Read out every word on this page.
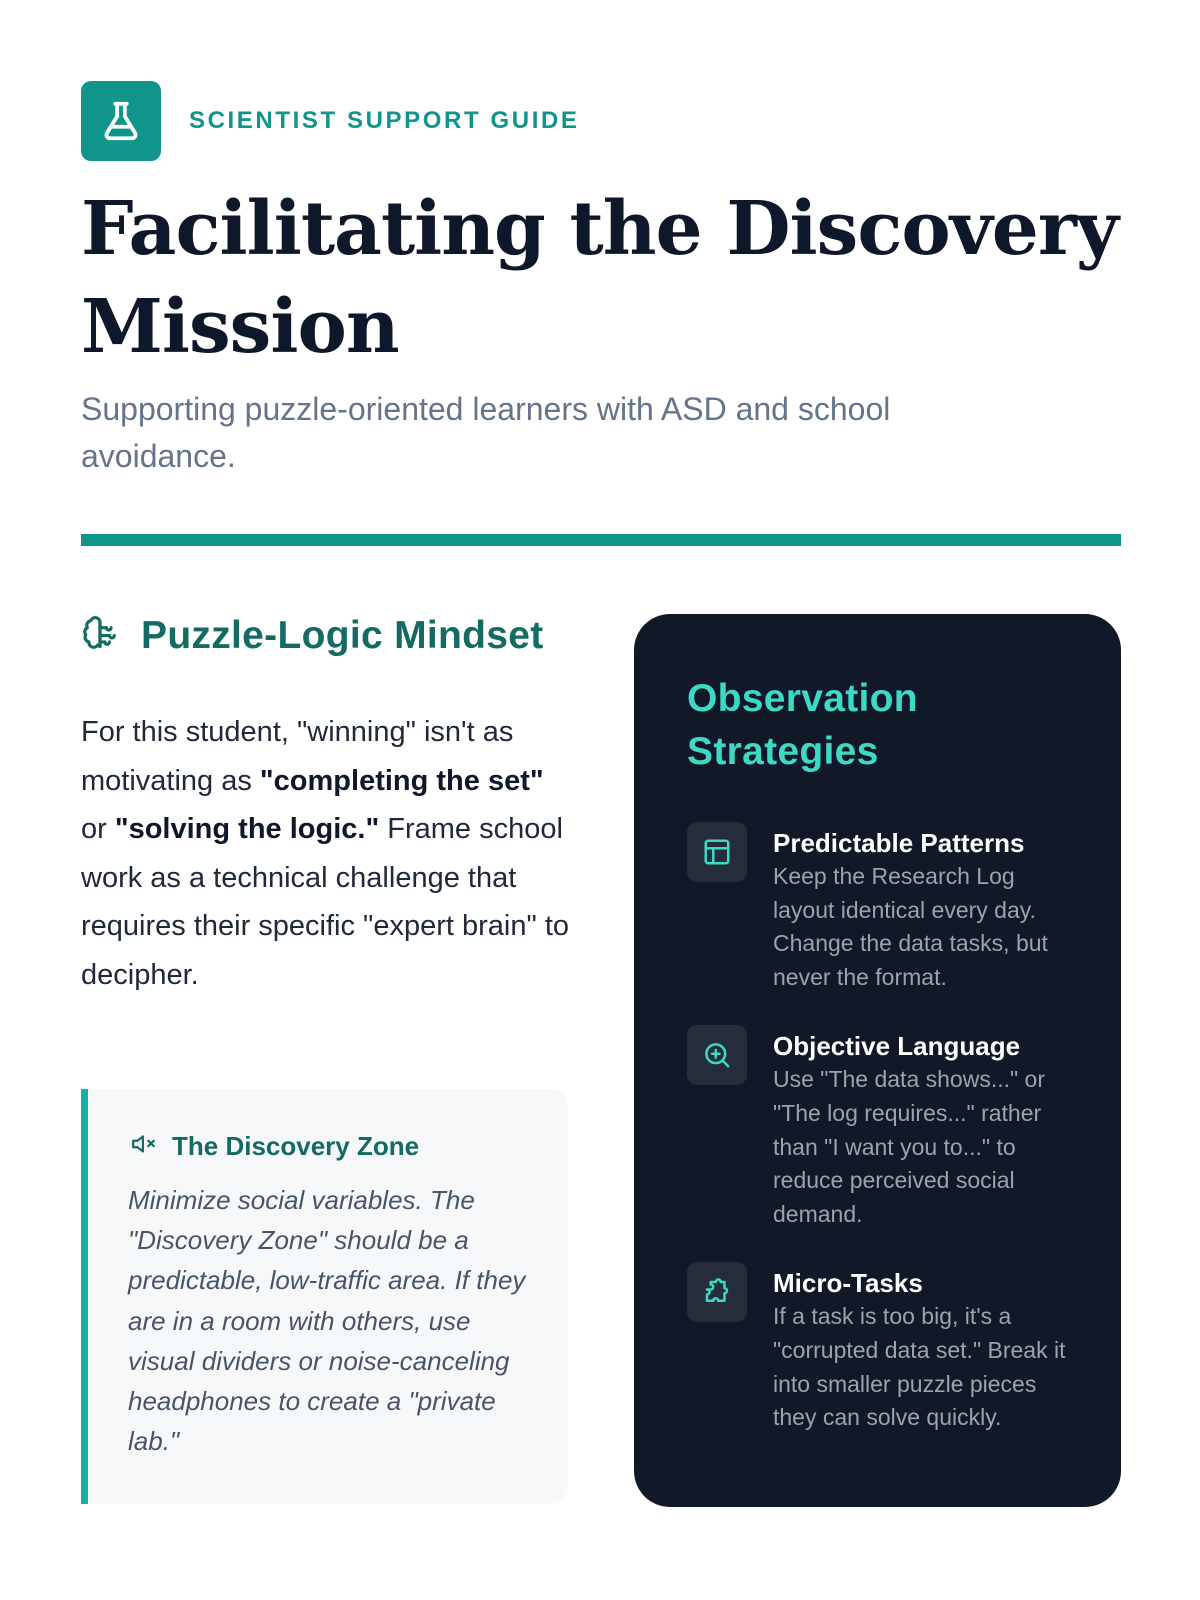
SCIENTIST SUPPORT GUIDE
Facilitating the Discovery Mission

Supporting puzzle-oriented learners with ASD and school avoidance.

Puzzle-Logic Mindset

For this student, "winning" isn't as motivating as "completing the set" or "solving the logic." Frame school work as a technical challenge that requires their specific "expert brain" to decipher.

The Discovery Zone

Minimize social variables. The "Discovery Zone" should be a predictable, low-traffic area. If they are in a room with others, use visual dividers or noise-canceling headphones to create a "private lab."

Observation Strategies
Predictable Patterns
Keep the Research Log layout identical every day. Change the data tasks, but never the format.
Objective Language
Use "The data shows..." or "The log requires..." rather than "I want you to..." to reduce perceived social demand.
Micro-Tasks
If a task is too big, it's a "corrupted data set." Break it into smaller puzzle pieces they can solve quickly.
